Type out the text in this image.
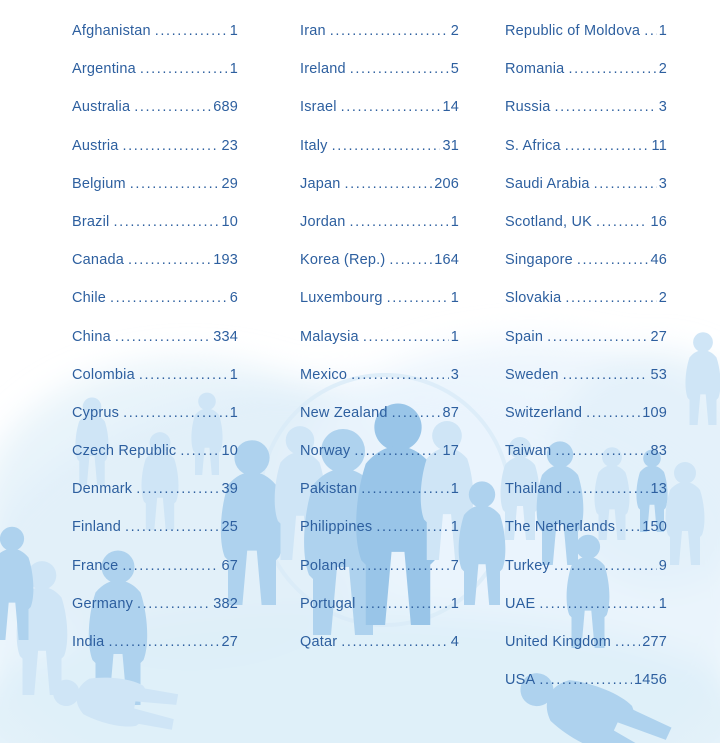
Afghanistan .....	1
Argentina .....	1
Australia .....	689
Austria .....	23
Belgium .....	29
Brazil .....	10
Canada .....	193
Chile .....	6
China .....	334
Colombia .....	1
Cyprus .....	1
Czech Republic .....	10
Denmark .....	39
Finland .....	25
France .....	67
Germany .....	382
India .....	27
Iran .....	2
Ireland .....	5
Israel .....	14
Italy .....	31
Japan .....	206
Jordan .....	1
Korea (Rep.) .....	164
Luxembourg .....	1
Malaysia .....	1
Mexico .....	3
New Zealand .....	87
Norway .....	17
Pakistan .....	1
Philippines .....	1
Poland .....	7
Portugal .....	1
Qatar .....	4
Republic of Moldova ..... 1
Romania .....	2
Russia .....	3
S. Africa .....	11
Saudi Arabia .....	3
Scotland, UK .....	16
Singapore .....	46
Slovakia .....	2
Spain .....	27
Sweden .....	53
Switzerland .....	109
Taiwan .....	83
Thailand .....	13
The Netherlands ..... 150
Turkey .....	9
UAE .....	1
United Kingdom ..... 277
USA .....	1456
